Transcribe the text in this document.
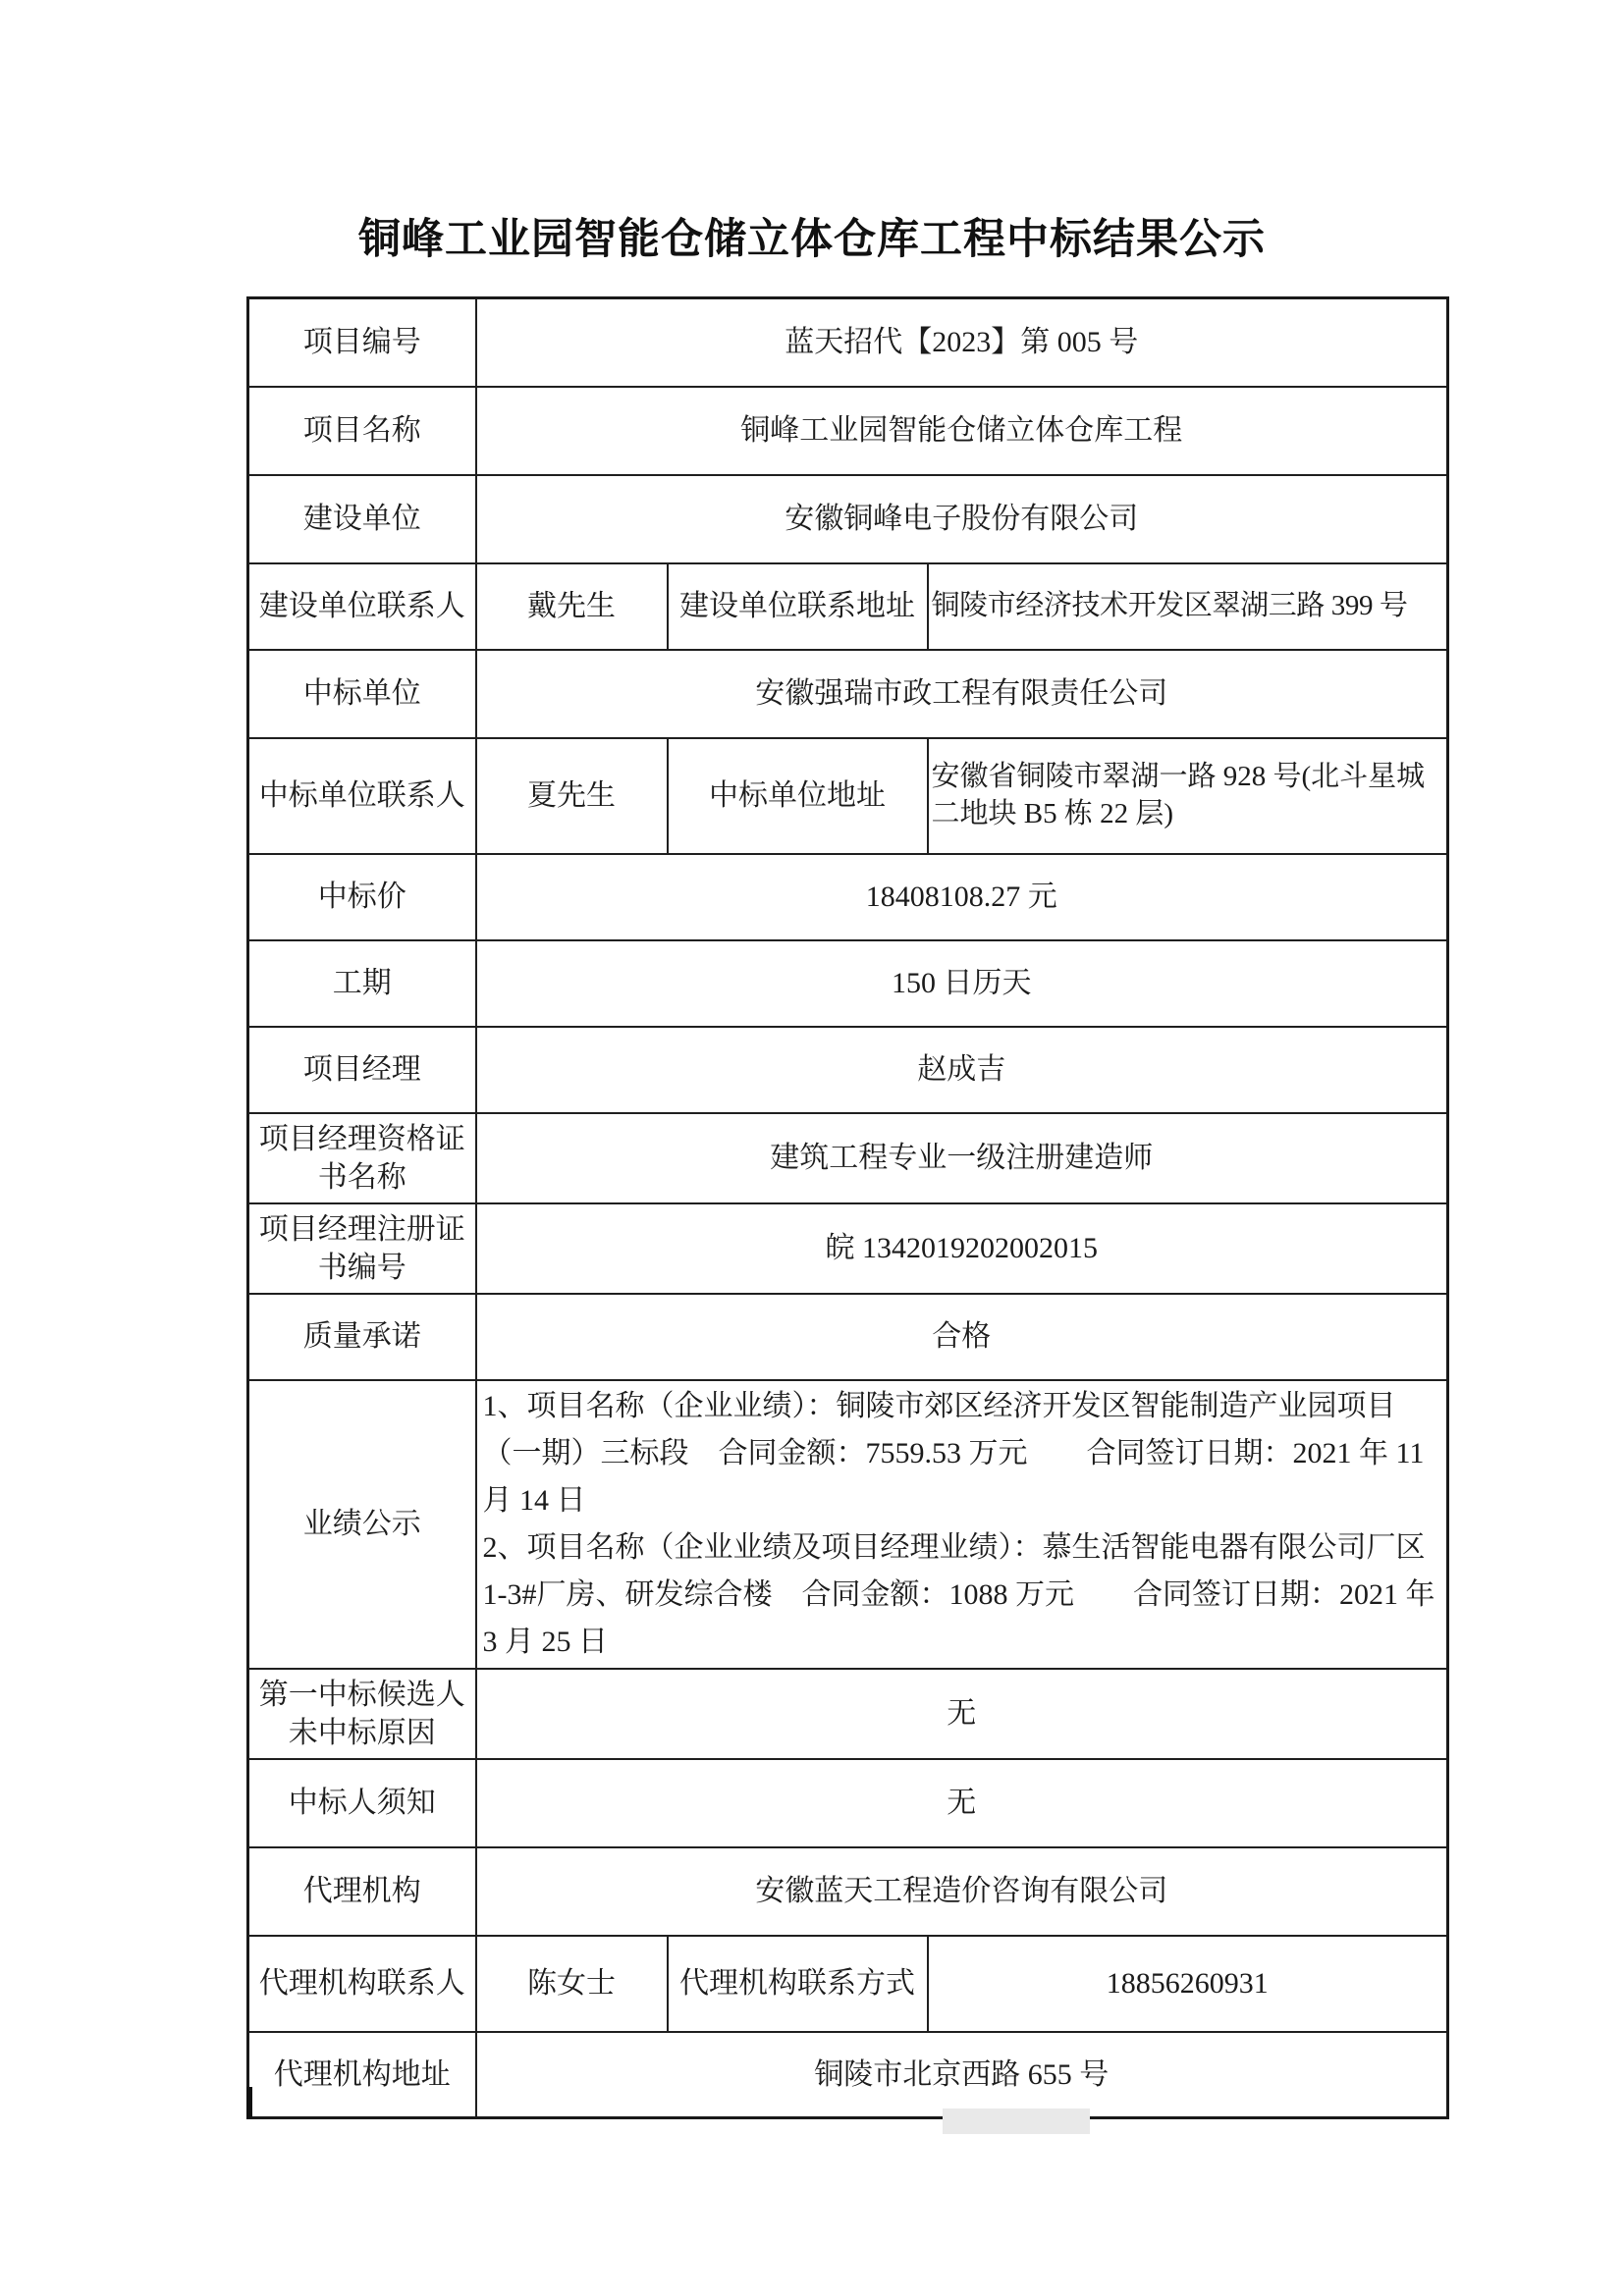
铜峰工业园智能仓储立体仓库工程中标结果公示
项目编号	蓝天招代【2023】第 005 号		
项目名称	铜峰工业园智能仓储立体仓库工程		
建设单位	安徽铜峰电子股份有限公司		
建设单位联系人	戴先生	建设单位联系地址	铜陵市经济技术开发区翠湖三路 399 号
中标单位	安徽强瑞市政工程有限责任公司		
中标单位联系人	夏先生	中标单位地址	安徽省铜陵市翠湖一路 928 号(北斗星城二地块 B5 栋 22 层)
中标价	18408108.27 元		
工期	150 日历天		
项目经理	赵成吉		
项目经理资格证书名称	建筑工程专业一级注册建造师		
项目经理注册证书编号	皖 1342019202002015		
质量承诺	合格		
业绩公示	1、项目名称（企业业绩）：铜陵市郊区经济开发区智能制造产业园项目（一期）三标段　合同金额：7559.53 万元　　合同签订日期：2021 年 11 月 14 日

2、项目名称（企业业绩及项目经理业绩）：慕生活智能电器有限公司厂区 1-3#厂房、研发综合楼　合同金额：1088 万元　　合同签订日期：2021 年 3 月 25 日		

第一中标候选人未中标原因	无		
中标人须知	无		
代理机构	安徽蓝天工程造价咨询有限公司		
代理机构联系人	陈女士	代理机构联系方式	18856260931
代理机构地址	铜陵市北京西路 655 号		
